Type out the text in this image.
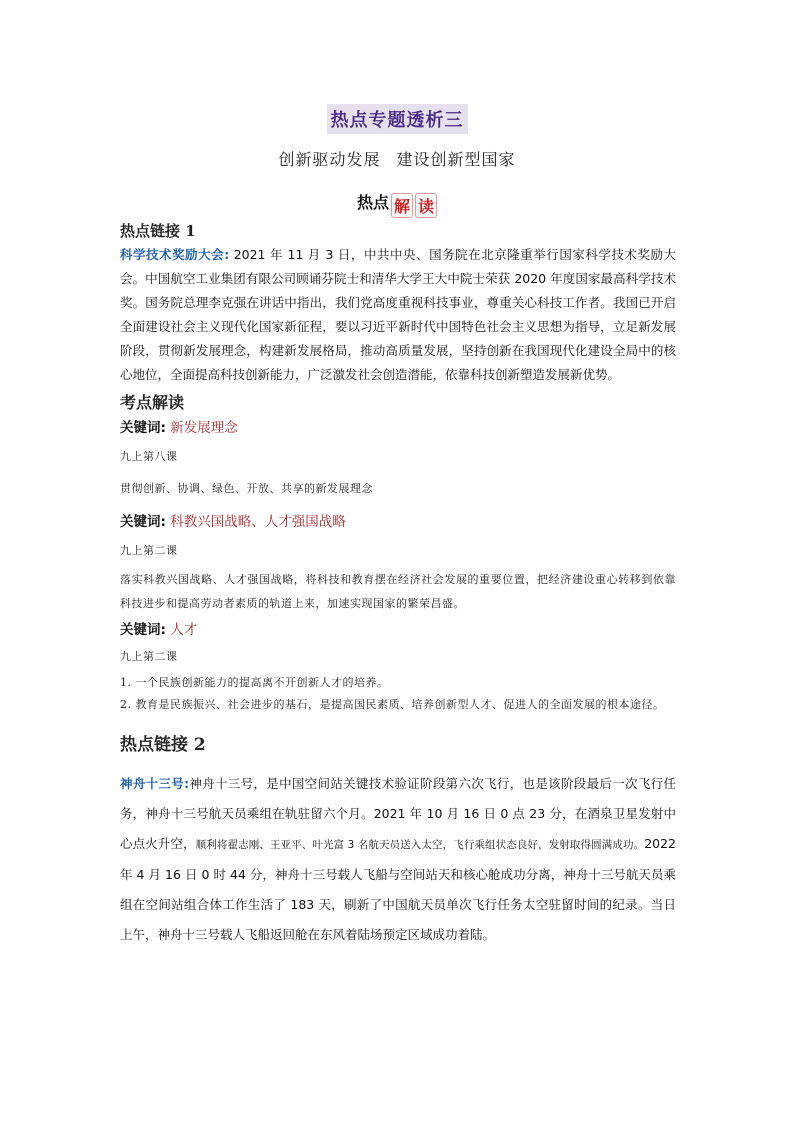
热点专题透析三
创新驱动发展 建设创新型国家
热点 解 读

热点链接 1

科学技术奖励大会: 2021 年 11 月 3 日，中共中央、国务院在北京隆重举行国家科学技术奖励大会。中国航空工业集团有限公司顾诵芬院士和清华大学王大中院士荣获 2020 年度国家最高科学技术奖。国务院总理李克强在讲话中指出，我们党高度重视科技事业，尊重关心科技工作者。我国已开启全面建设社会主义现代化国家新征程，要以习近平新时代中国特色社会主义思想为指导，立足新发展阶段，贯彻新发展理念，构建新发展格局，推动高质量发展，坚持创新在我国现代化建设全局中的核心地位，全面提高科技创新能力，广泛激发社会创造潜能，依靠科技创新塑造发展新优势。

考点解读

关键词: 新发展理念

九上第八课

贯彻创新、协调、绿色、开放、共享的新发展理念

关键词: 科教兴国战略、人才强国战略

九上第二课

落实科教兴国战略、人才强国战略，将科技和教育摆在经济社会发展的重要位置，把经济建设重心转移到依靠科技进步和提高劳动者素质的轨道上来，加速实现国家的繁荣昌盛。

关键词: 人才

九上第二课

1. 一个民族创新能力的提高离不开创新人才的培养。

2. 教育是民族振兴、社会进步的基石，是提高国民素质、培养创新型人才、促进人的全面发展的根本途径。

热点链接 2

神舟十三号:神舟十三号，是中国空间站关键技术验证阶段第六次飞行，也是该阶段最后一次飞行任务，神舟十三号航天员乘组在轨驻留六个月。2021 年 10 月 16 日 0 点 23 分，在酒泉卫星发射中心点火升空，顺利将翟志刚、王亚平、叶光富 3 名航天员送入太空，飞行乘组状态良好，发射取得圆满成功。2022 年 4 月 16 日 0 时 44 分，神舟十三号载人飞船与空间站天和核心舱成功分离，神舟十三号航天员乘组在空间站组合体工作生活了 183 天，刷新了中国航天员单次飞行任务太空驻留时间的纪录。当日上午，神舟十三号载人飞船返回舱在东风着陆场预定区域成功着陆。
